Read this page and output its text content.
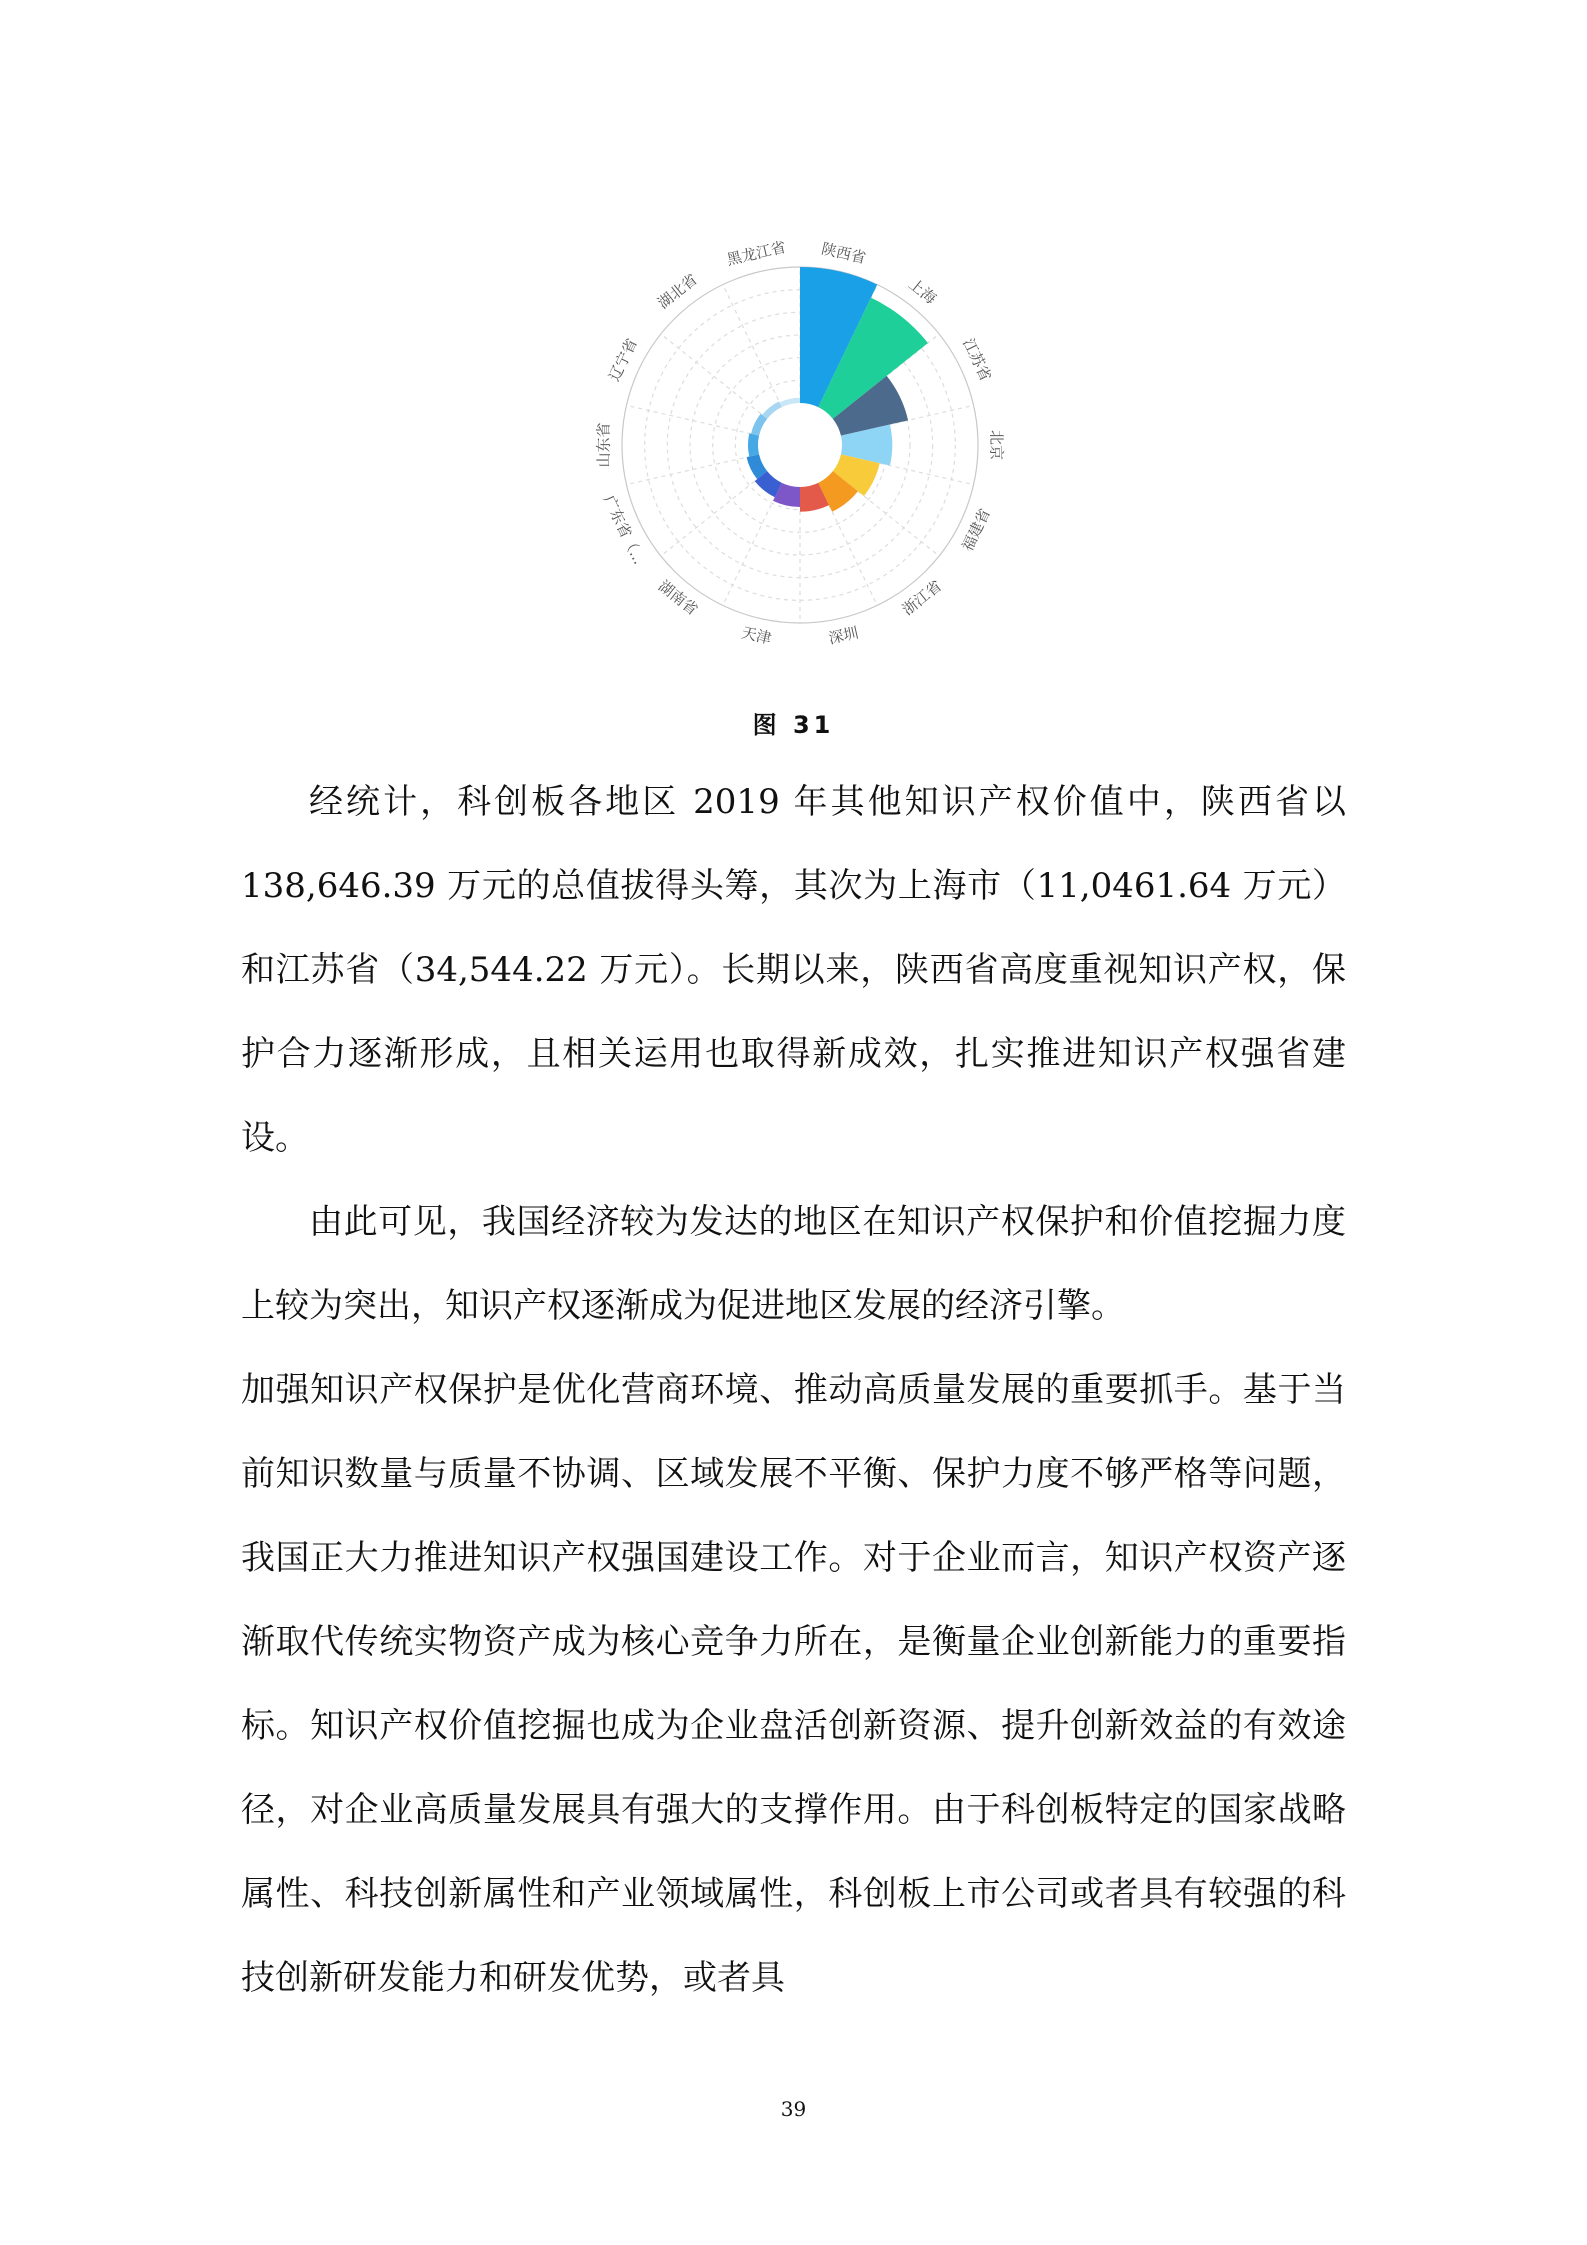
陕西省
上海
江苏省
北京
福建省
浙江省
深圳
天津
湖南省
广东省（...
山东省
辽宁省
湖北省
黑龙江省
图 31

经统计，科创板各地区 2019 年其他知识产权价值中，陕西省以 138,646.39 万元的总值拔得头筹，其次为上海市（11,0461.64 万元）和江苏省（34,544.22 万元）。长期以来，陕西省高度重视知识产权，保护合力逐渐形成，且相关运用也取得新成效，扎实推进知识产权强省建设。

由此可见，我国经济较为发达的地区在知识产权保护和价值挖掘力度上较为突出，知识产权逐渐成为促进地区发展的经济引擎。

加强知识产权保护是优化营商环境、推动高质量发展的重要抓手。基于当前知识数量与质量不协调、区域发展不平衡、保护力度不够严格等问题，我国正大力推进知识产权强国建设工作。对于企业而言，知识产权资产逐渐取代传统实物资产成为核心竞争力所在，是衡量企业创新能力的重要指标。知识产权价值挖掘也成为企业盘活创新资源、提升创新效益的有效途径，对企业高质量发展具有强大的支撑作用。由于科创板特定的国家战略属性、科技创新属性和产业领域属性，科创板上市公司或者具有较强的科技创新研发能力和研发优势，或者具

39
